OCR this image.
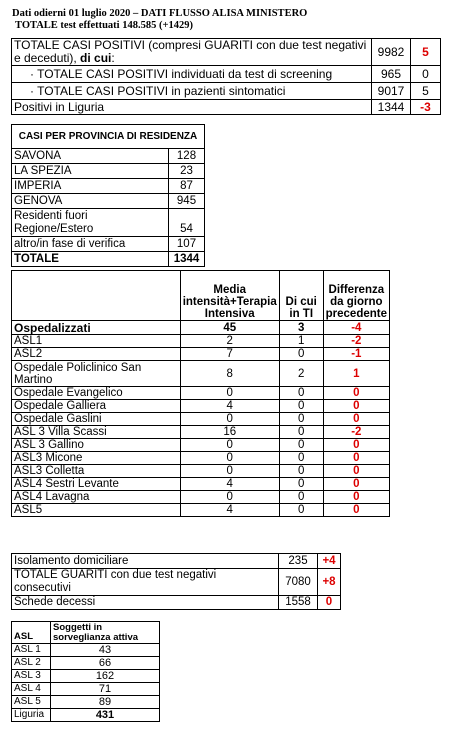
Dati odierni 01 luglio 2020 – DATI FLUSSO ALISA MINISTERO
TOTALE test effettuati 148.585 (+1429)
TOTALE CASI POSITIVI (compresi GUARITI con due test negativi e deceduti), di cui:	9982	5
· TOTALE CASI POSITIVI individuati da test di screening	965	0
· TOTALE CASI POSITIVI in pazienti sintomatici	9017	5
Positivi in Liguria	1344	-3
CASI PER PROVINCIA DI RESIDENZA	
SAVONA	128
LA SPEZIA	23
IMPERIA	87
GENOVA	945
Residenti fuori Regione/Estero	54
altro/in fase di verifica	107
TOTALE	1344
	Media intensità+Terapia Intensiva	Di cui in TI	Differenza da giorno precedente
Ospedalizzati	45	3	-4
ASL1	2	1	-2
ASL2	7	0	-1
Ospedale Policlinico San Martino	8	2	1
Ospedale Evangelico	0	0	0
Ospedale Galliera	4	0	0
Ospedale Gaslini	0	0	0
ASL 3 Villa Scassi	16	0	-2
ASL 3 Gallino	0	0	0
ASL3 Micone	0	0	0
ASL3 Colletta	0	0	0
ASL4 Sestri Levante	4	0	0
ASL4 Lavagna	0	0	0
ASL5	4	0	0
Isolamento domiciliare	235	+4
TOTALE GUARITI con due test negativi consecutivi	7080	+8
Schede decessi	1558	0
ASL	Soggetti in sorveglianza attiva
ASL 1	43
ASL 2	66
ASL 3	162
ASL 4	71
ASL 5	89
Liguria	431
